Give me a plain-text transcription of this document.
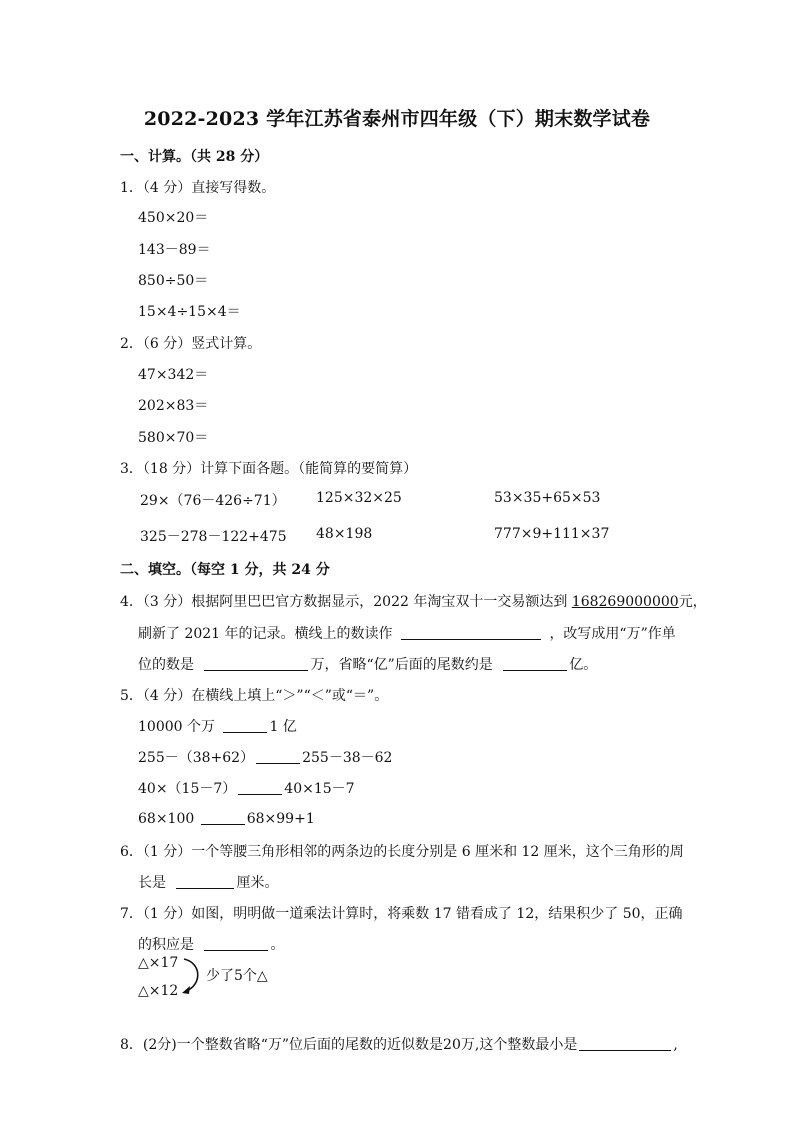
2022-2023 学年江苏省泰州市四年级（下）期末数学试卷
一、计算。（共 28 分）
1．（4 分）直接写得数。
450×20＝
143－89＝
850÷50＝
15×4÷15×4＝
2．（6 分）竖式计算。
47×342＝
202×83＝
580×70＝
3．（18 分）计算下面各题。（能简算的要简算）
29×（76－426÷71） 125×32×25	53×35+65×53
325－278－122+475 48×198	777×9+111×37
二、填空。（每空 1 分，共 24 分
4．（3 分）根据阿里巴巴官方数据显示，2022 年淘宝双十一交易额达到 168269000000元，
刷新了 2021 年的记录。横线上的数读作	，改写成用“万”作单
位的数是	万，省略“亿”后面的尾数约是	亿。
5．（4 分）在横线上填上“＞”“＜”或“＝”。
10000 个万	1 亿
255－（38+62）	255－38－62
40×（15－7）	40×15－7
68×100	68×99+1
6．（1 分）一个等腰三角形相邻的两条边的长度分别是 6 厘米和 12 厘米，这个三角形的周
长是	厘米。
7．（1 分）如图，明明做一道乘法计算时，将乘数 17 错看成了 12，结果积少了 50，正确
的积应是	。
△×17
△×12
少了5个△
8．(2分)一个整数省略“万”位后面的尾数的近似数是20万,这个整数最小是	,
